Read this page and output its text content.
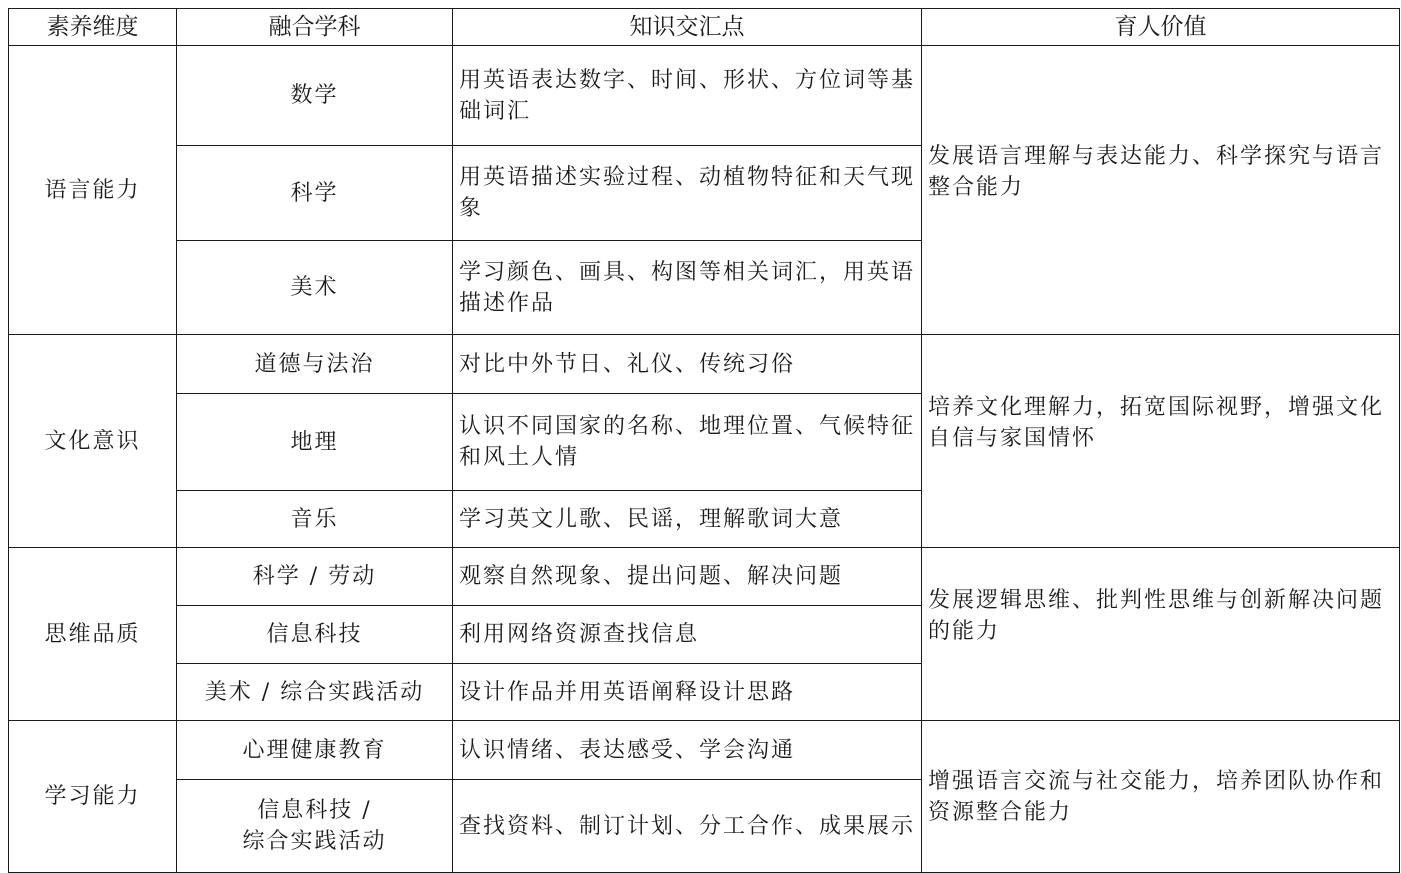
素养维度	融合学科	知识交汇点	育人价值
语言能力	数学	用英语表达数字、时间、形状、方位词等基础词汇	发展语言理解与表达能力、科学探究与语言整合能力

	科学	用英语描述实验过程、动植物特征和天气现象	
	美术	学习颜色、画具、构图等相关词汇，用英语描述作品	
文化意识	道德与法治	对比中外节日、礼仪、传统习俗	培养文化理解力，拓宽国际视野，增强文化自信与家国情怀

	地理	认识不同国家的名称、地理位置、气候特征和风土人情	
	音乐	学习英文儿歌、民谣，理解歌词大意	
思维品质	科学 / 劳动	观察自然现象、提出问题、解决问题	发展逻辑思维、批判性思维与创新解决问题的能力

	信息科技	利用网络资源查找信息	
	美术 / 综合实践活动	设计作品并用英语阐释设计思路	
学习能力	心理健康教育	认识情绪、表达感受、学会沟通	增强语言交流与社交能力，培养团队协作和资源整合能力

	信息科技 /
综合实践活动	查找资料、制订计划、分工合作、成果展示	
